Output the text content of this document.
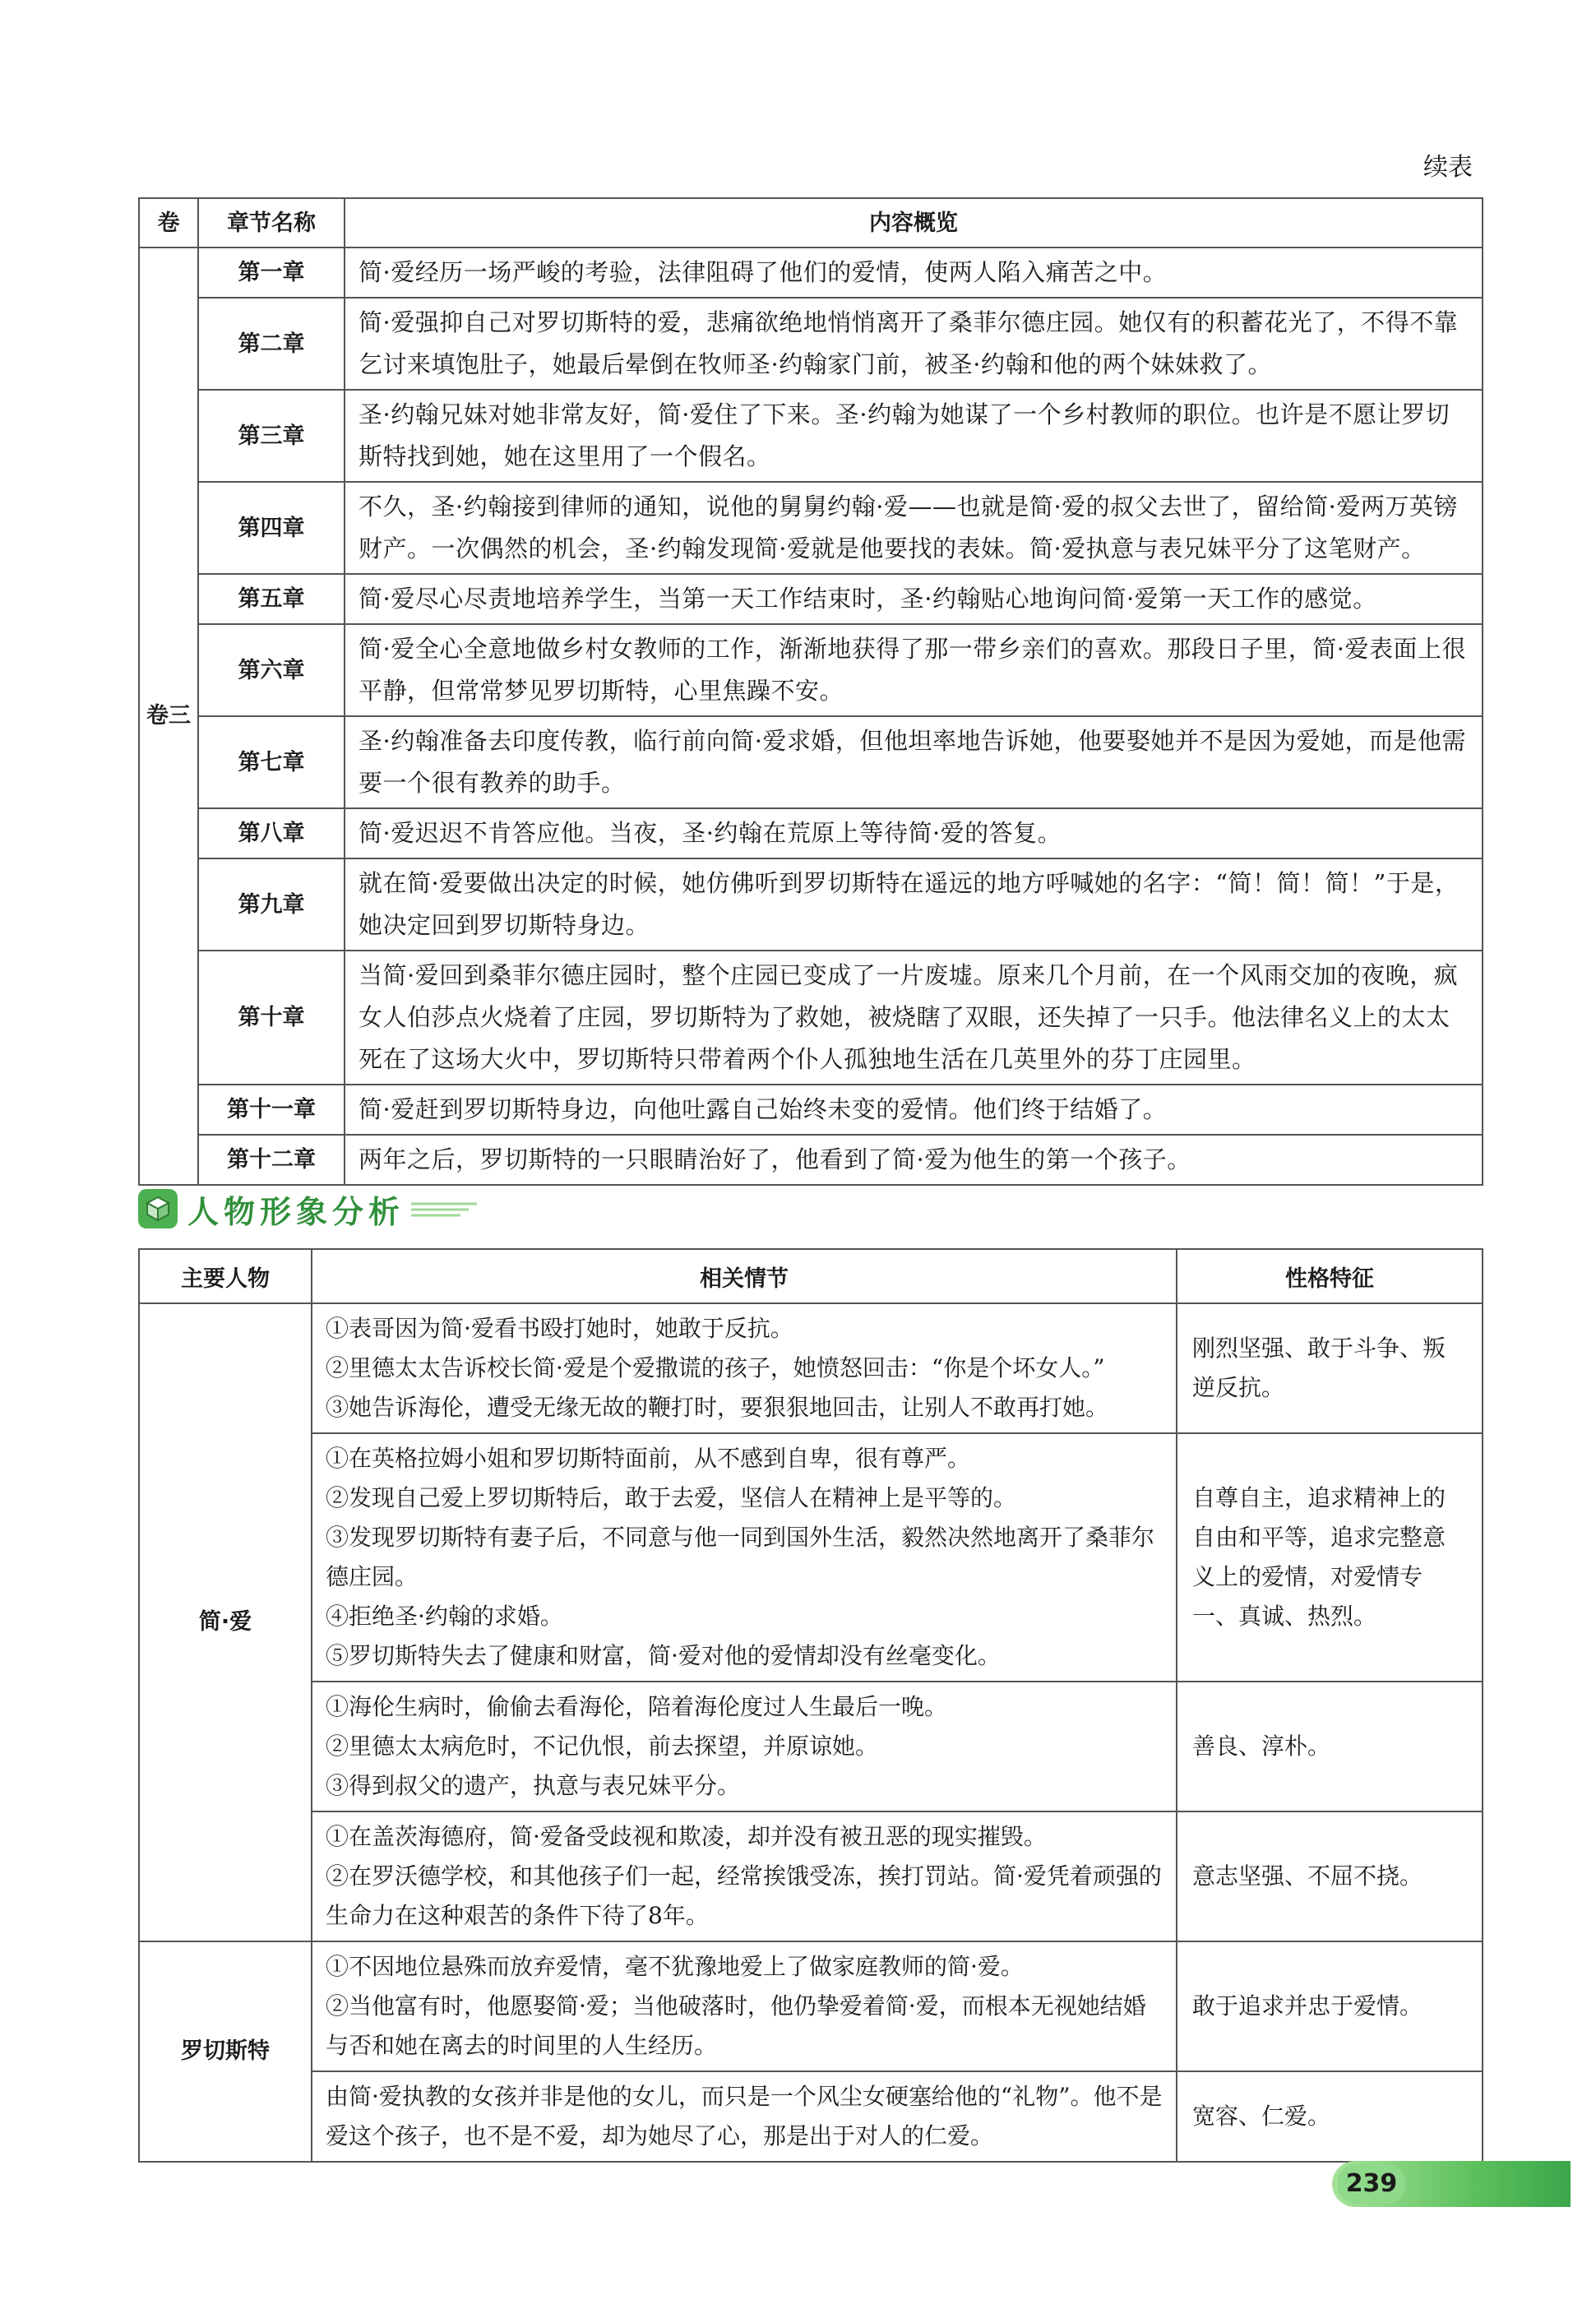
续表
卷	章节名称	内容概览
卷三	第一章	简·爱经历一场严峻的考验，法律阻碍了他们的爱情，使两人陷入痛苦之中。
	第二章	简·爱强抑自己对罗切斯特的爱，悲痛欲绝地悄悄离开了桑菲尔德庄园。她仅有的积蓄花光了，不得不靠乞讨来填饱肚子，她最后晕倒在牧师圣·约翰家门前，被圣·约翰和他的两个妹妹救了。
	第三章	圣·约翰兄妹对她非常友好，简·爱住了下来。圣·约翰为她谋了一个乡村教师的职位。也许是不愿让罗切斯特找到她，她在这里用了一个假名。
	第四章	不久，圣·约翰接到律师的通知，说他的舅舅约翰·爱——也就是简·爱的叔父去世了，留给简·爱两万英镑财产。一次偶然的机会，圣·约翰发现简·爱就是他要找的表妹。简·爱执意与表兄妹平分了这笔财产。
	第五章	简·爱尽心尽责地培养学生，当第一天工作结束时，圣·约翰贴心地询问简·爱第一天工作的感觉。
	第六章	简·爱全心全意地做乡村女教师的工作，渐渐地获得了那一带乡亲们的喜欢。那段日子里，简·爱表面上很平静，但常常梦见罗切斯特，心里焦躁不安。
	第七章	圣·约翰准备去印度传教，临行前向简·爱求婚，但他坦率地告诉她，他要娶她并不是因为爱她，而是他需要一个很有教养的助手。
	第八章	简·爱迟迟不肯答应他。当夜，圣·约翰在荒原上等待简·爱的答复。
	第九章	就在简·爱要做出决定的时候，她仿佛听到罗切斯特在遥远的地方呼喊她的名字：“简！简！简！”于是，她决定回到罗切斯特身边。
	第十章	当简·爱回到桑菲尔德庄园时，整个庄园已变成了一片废墟。原来几个月前，在一个风雨交加的夜晚，疯女人伯莎点火烧着了庄园，罗切斯特为了救她，被烧瞎了双眼，还失掉了一只手。他法律名义上的太太死在了这场大火中，罗切斯特只带着两个仆人孤独地生活在几英里外的芬丁庄园里。
	第十一章	简·爱赶到罗切斯特身边，向他吐露自己始终未变的爱情。他们终于结婚了。
	第十二章	两年之后，罗切斯特的一只眼睛治好了，他看到了简·爱为他生的第一个孩子。
人物形象分析
主要人物	相关情节	性格特征
简·爱	①表哥因为简·爱看书殴打她时，她敢于反抗。
②里德太太告诉校长简·爱是个爱撒谎的孩子，她愤怒回击：“你是个坏女人。”
③她告诉海伦，遭受无缘无故的鞭打时，要狠狠地回击，让别人不敢再打她。	刚烈坚强、敢于斗争、叛逆反抗。

	①在英格拉姆小姐和罗切斯特面前，从不感到自卑，很有尊严。
②发现自己爱上罗切斯特后，敢于去爱，坚信人在精神上是平等的。
③发现罗切斯特有妻子后，不同意与他一同到国外生活，毅然决然地离开了桑菲尔德庄园。
④拒绝圣·约翰的求婚。
⑤罗切斯特失去了健康和财富，简·爱对他的爱情却没有丝毫变化。	自尊自主，追求精神上的自由和平等，追求完整意义上的爱情，对爱情专一、真诚、热烈。

	①海伦生病时，偷偷去看海伦，陪着海伦度过人生最后一晚。
②里德太太病危时，不记仇恨，前去探望，并原谅她。
③得到叔父的遗产，执意与表兄妹平分。	善良、淳朴。

	①在盖茨海德府，简·爱备受歧视和欺凌，却并没有被丑恶的现实摧毁。
②在罗沃德学校，和其他孩子们一起，经常挨饿受冻，挨打罚站。简·爱凭着顽强的生命力在这种艰苦的条件下待了8年。	意志坚强、不屈不挠。
罗切斯特	①不因地位悬殊而放弃爱情，毫不犹豫地爱上了做家庭教师的简·爱。
②当他富有时，他愿娶简·爱；当他破落时，他仍挚爱着简·爱，而根本无视她结婚与否和她在离去的时间里的人生经历。	敢于追求并忠于爱情。

	由简·爱执教的女孩并非是他的女儿，而只是一个风尘女硬塞给他的“礼物”。他不是爱这个孩子，也不是不爱，却为她尽了心，那是出于对人的仁爱。	宽容、仁爱。
239
